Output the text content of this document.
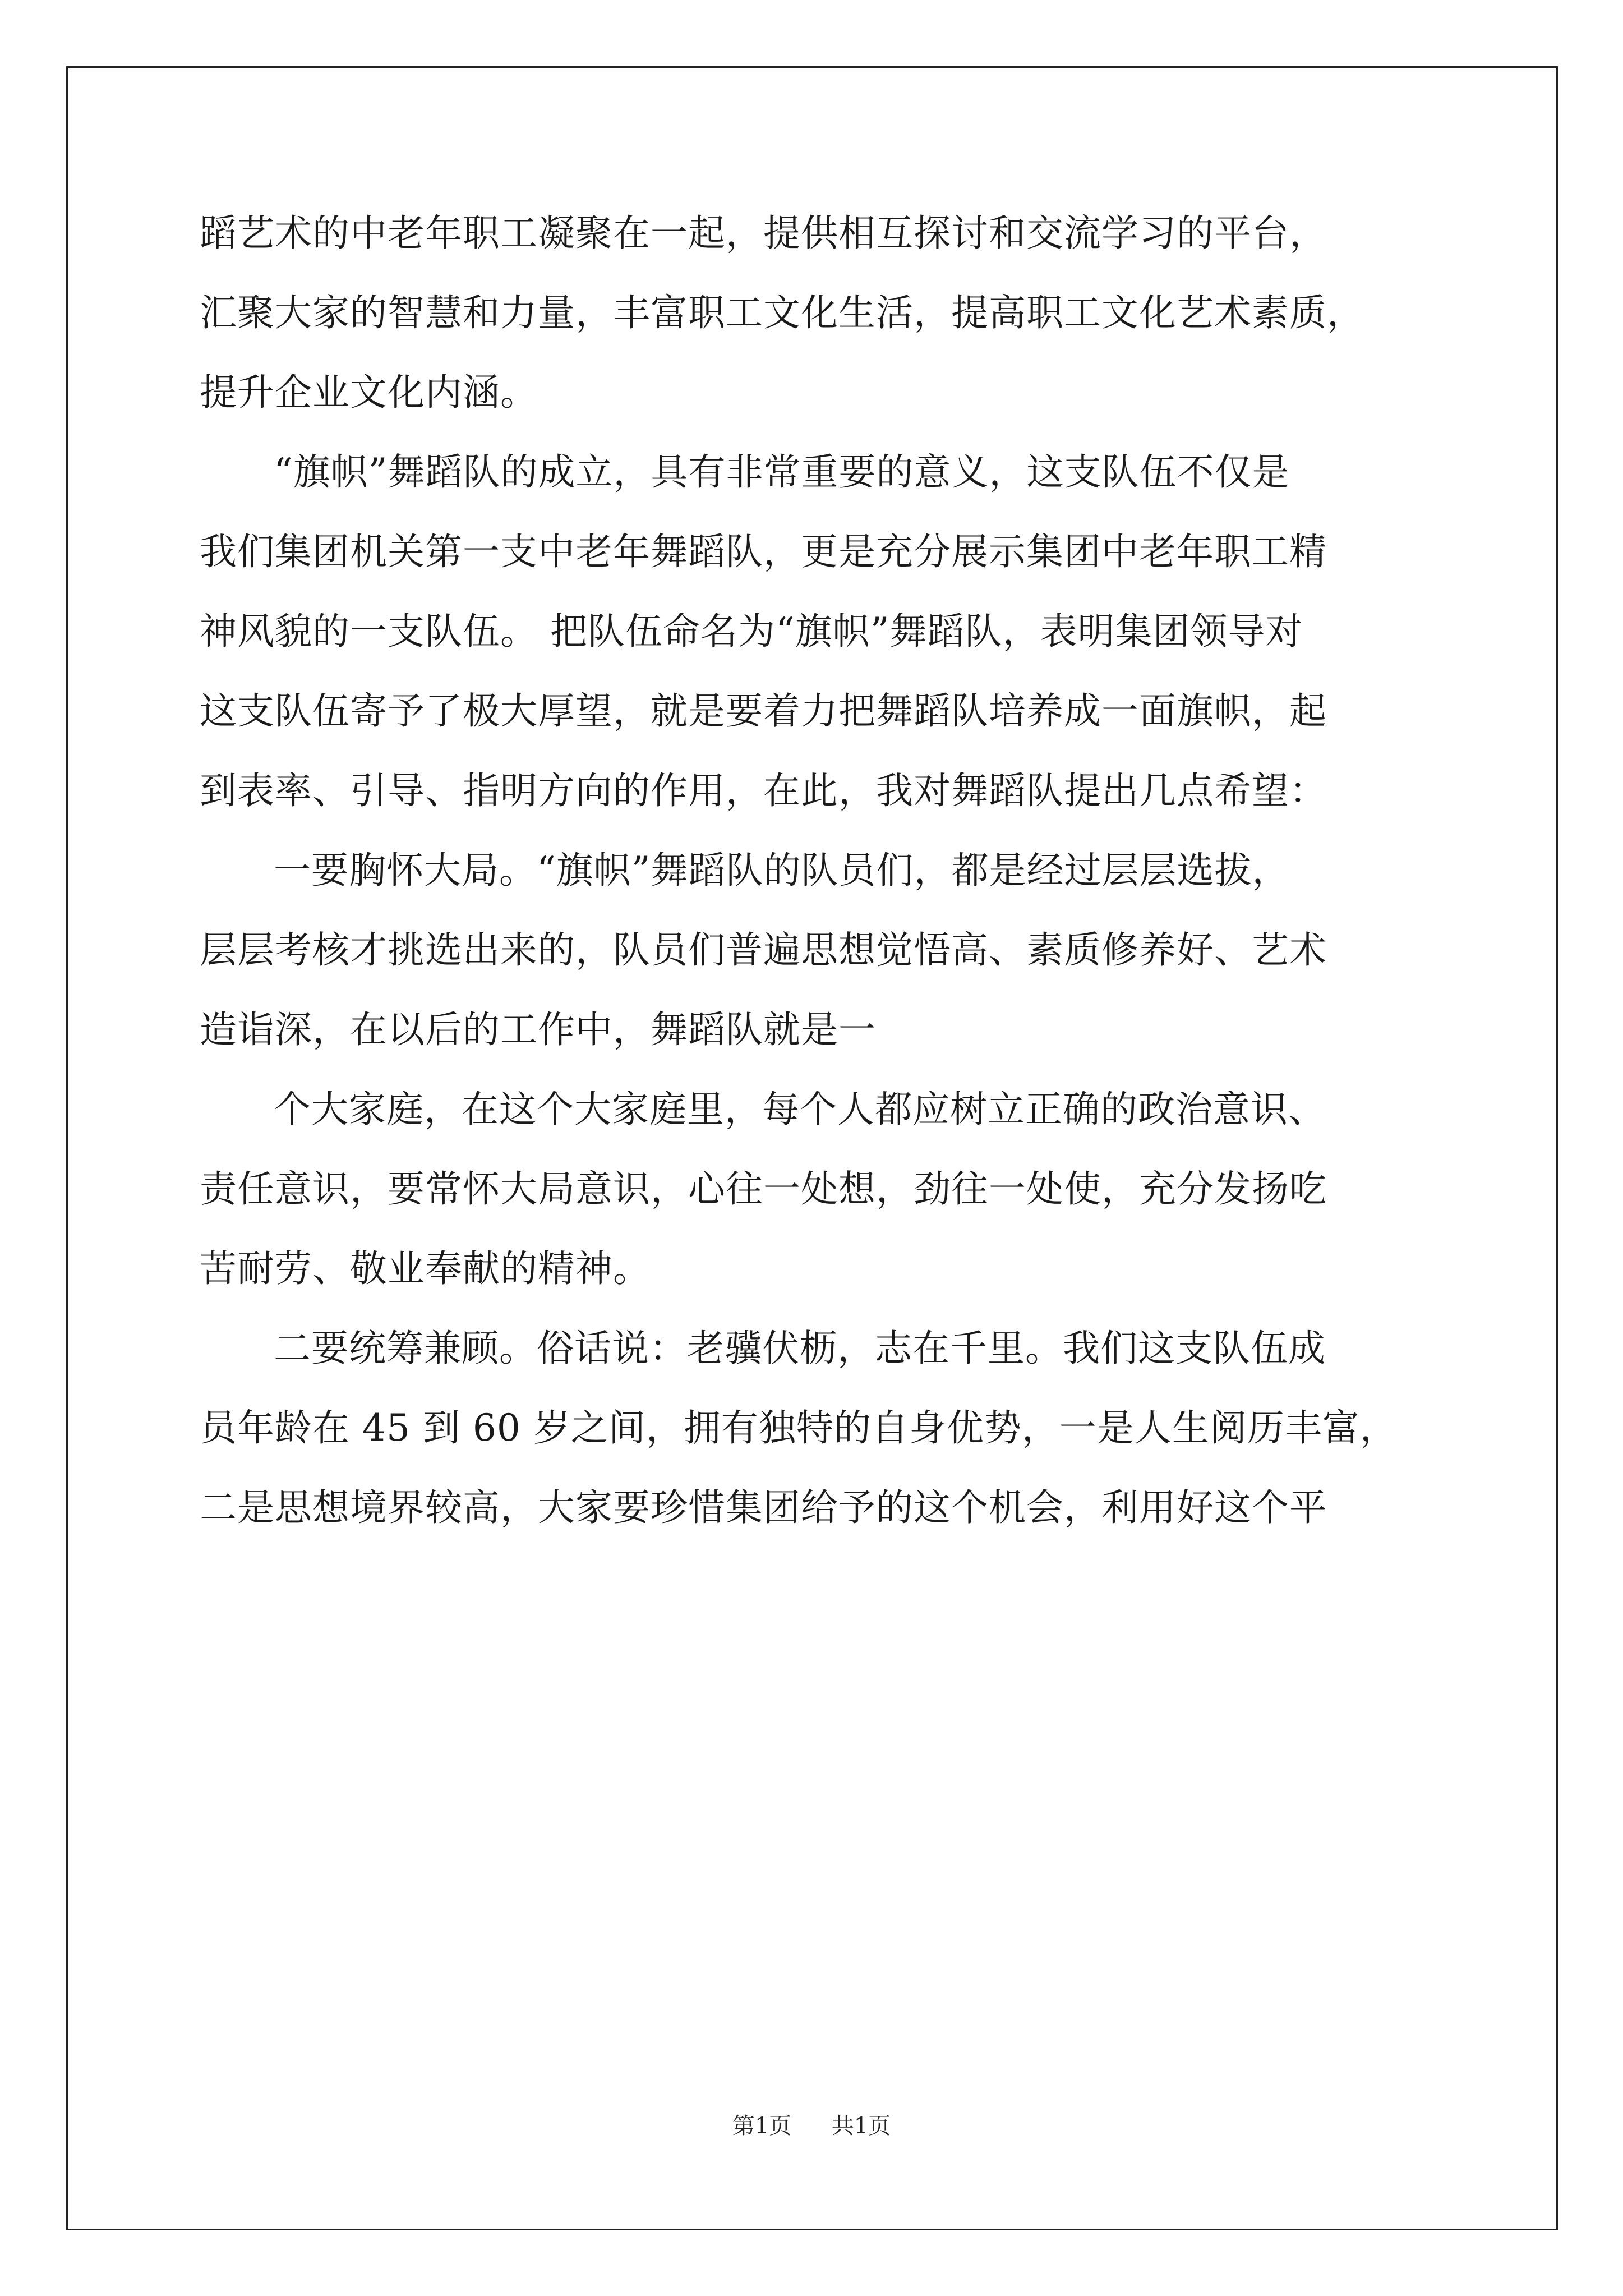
蹈艺术的中老年职工凝聚在一起，提供相互探讨和交流学习的平台，
汇聚大家的智慧和力量，丰富职工文化生活，提高职工文化艺术素质，
提升企业文化内涵。
“旗帜”舞蹈队的成立，具有非常重要的意义，这支队伍不仅是
我们集团机关第一支中老年舞蹈队，更是充分展示集团中老年职工精
神风貌的一支队伍。 把队伍命名为“旗帜”舞蹈队，表明集团领导对
这支队伍寄予了极大厚望，就是要着力把舞蹈队培养成一面旗帜，起
到表率、引导、指明方向的作用，在此，我对舞蹈队提出几点希望：
一要胸怀大局。“旗帜”舞蹈队的队员们，都是经过层层选拔，
层层考核才挑选出来的，队员们普遍思想觉悟高、素质修养好、艺术
造诣深，在以后的工作中，舞蹈队就是一
个大家庭，在这个大家庭里，每个人都应树立正确的政治意识、
责任意识，要常怀大局意识，心往一处想，劲往一处使，充分发扬吃
苦耐劳、敬业奉献的精神。
二要统筹兼顾。俗话说：老骥伏枥，志在千里。我们这支队伍成
员年龄在 45 到 60 岁之间，拥有独特的自身优势，一是人生阅历丰富，
二是思想境界较高，大家要珍惜集团给予的这个机会，利用好这个平
第1页 共1页
